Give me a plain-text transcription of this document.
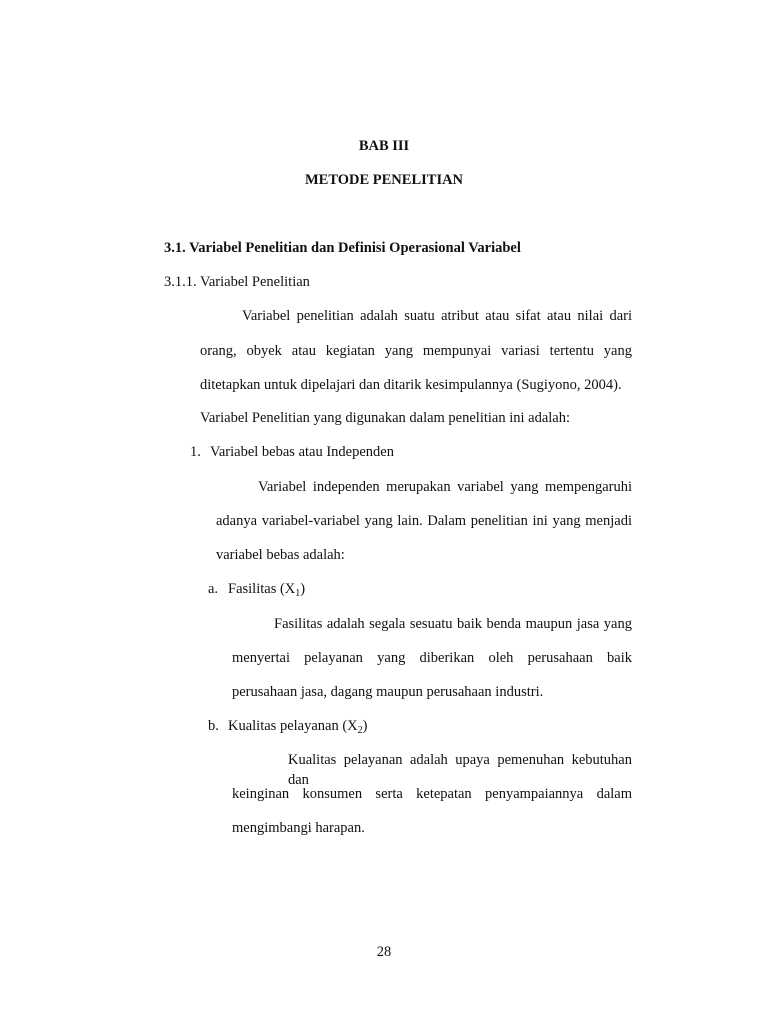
BAB III
METODE PENELITIAN
3.1. Variabel Penelitian dan Definisi Operasional Variabel
3.1.1. Variabel Penelitian
Variabel penelitian adalah suatu atribut atau sifat atau nilai dari
orang, obyek atau kegiatan yang mempunyai variasi tertentu yang
ditetapkan untuk dipelajari dan ditarik kesimpulannya (Sugiyono, 2004).
Variabel Penelitian yang digunakan dalam penelitian ini adalah:
1. Variabel bebas atau Independen
Variabel independen merupakan variabel yang mempengaruhi
adanya variabel-variabel yang lain. Dalam penelitian ini yang menjadi
variabel bebas adalah:
a. Fasilitas $(X_1)$
Fasilitas adalah segala sesuatu baik benda maupun jasa yang
menyertai pelayanan yang diberikan oleh perusahaan baik
perusahaan jasa, dagang maupun perusahaan industri.
b. Kualitas pelayanan $(X_2)$
Kualitas pelayanan adalah upaya pemenuhan kebutuhan dan
keinginan konsumen serta ketepatan penyampaiannya dalam
mengimbangi harapan.
28
